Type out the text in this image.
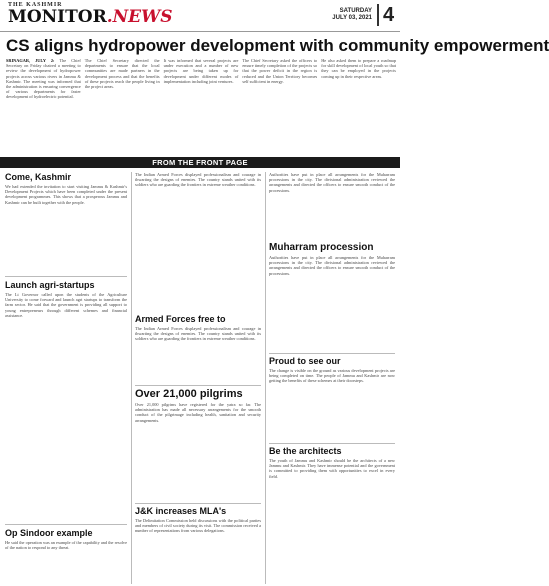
THE KASHMIR
MONITOR.NEWS	SATURDAY
JULY 03, 2021 4
CS aligns hydropower development with community empowerment

SRINAGAR, JULY 2: The Chief Secretary on Friday chaired a meeting to review the development of hydropower projects across various rivers in Jammu & Kashmir. The meeting was informed that the administration is ensuring convergence of various departments for faster development of hydroelectric potential.

The Chief Secretary directed the departments to ensure that the local communities are made partners in the development process and that the benefits of these projects reach the people living in the project areas.

It was informed that several projects are under execution and a number of new projects are being taken up for development under different modes of implementation including joint ventures.

The Chief Secretary asked the officers to ensure timely completion of the projects so that the power deficit in the region is reduced and the Union Territory becomes self sufficient in energy.

He also asked them to prepare a roadmap for skill development of local youth so that they can be employed in the projects coming up in their respective areas.

FROM THE FRONT PAGE
Come, Kashmir
We had extended the invitation to start visiting Jammu & Kashmir's Development Projects which have been completed under the present development programmes. This shows that a prosperous Jammu and Kashmir can be built together with the people.
Launch agri-startups
The Lt Governor called upon the students of the Agriculture University to come forward and launch agri startups to transform the farm sector. He said that the government is providing all support to young entrepreneurs through different schemes and financial assistance.
Op Sindoor example
He said the operation was an example of the capability and the resolve of the nation to respond to any threat.
The Indian Armed Forces displayed professionalism and courage in thwarting the designs of enemies. The country stands united with its soldiers who are guarding the frontiers in extreme weather conditions.
Armed Forces free to
The Indian Armed Forces displayed professionalism and courage in thwarting the designs of enemies. The country stands united with its soldiers who are guarding the frontiers in extreme weather conditions.
Over 21,000 pilgrims
Over 21,000 pilgrims have registered for the yatra so far. The administration has made all necessary arrangements for the smooth conduct of the pilgrimage including health, sanitation and security arrangements.
J&K increases MLA's
The Delimitation Commission held discussions with the political parties and members of civil society during its visit. The commission received a number of representations from various delegations.
Authorities have put in place all arrangements for the Muharram processions in the city. The divisional administration reviewed the arrangements and directed the officers to ensure smooth conduct of the processions.
Muharram procession
Authorities have put in place all arrangements for the Muharram processions in the city. The divisional administration reviewed the arrangements and directed the officers to ensure smooth conduct of the processions.
Proud to see our
The change is visible on the ground as various development projects are being completed on time. The people of Jammu and Kashmir are now getting the benefits of these schemes at their doorsteps.
Be the architects
The youth of Jammu and Kashmir should be the architects of a new Jammu and Kashmir. They have immense potential and the government is committed to providing them with opportunities to excel in every field.
